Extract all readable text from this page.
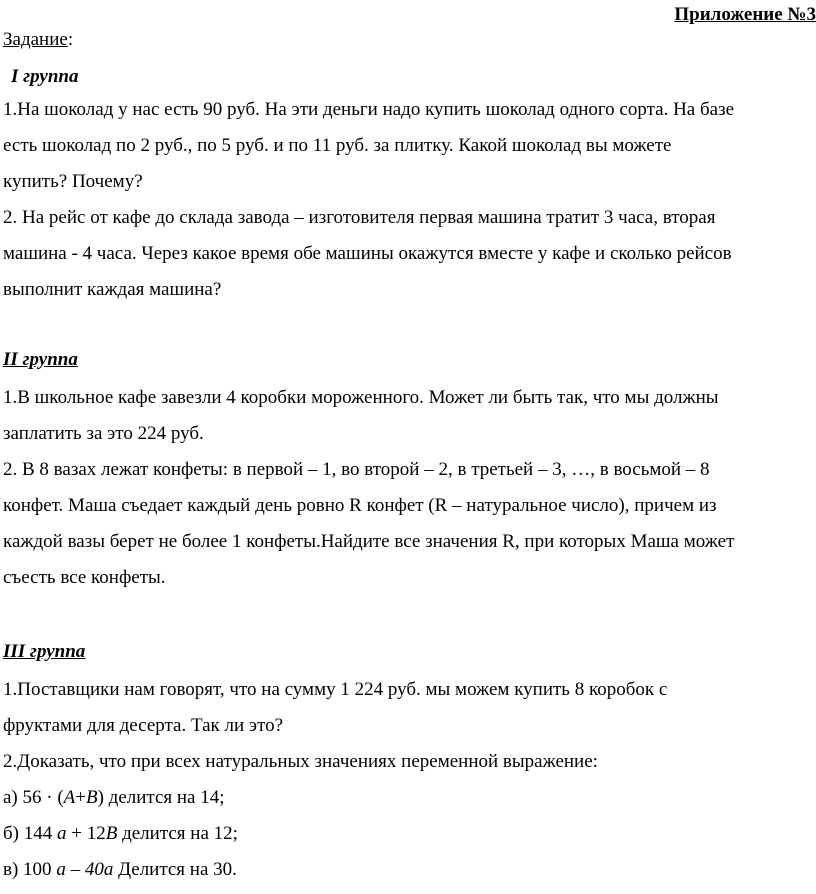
Приложение №3
Задание:
I группа
1.На шоколад у нас есть 90 руб. На эти деньги надо купить шоколад одного сорта. На базе
есть шоколад по 2 руб., по 5 руб. и по 11 руб. за плитку. Какой шоколад вы можете
купить? Почему?
2. На рейс от кафе до склада завода – изготовителя первая машина тратит 3 часа, вторая
машина - 4 часа. Через какое время обе машины окажутся вместе у кафе и сколько рейсов
выполнит каждая машина?
II группа
1.В школьное кафе завезли 4 коробки мороженного. Может ли быть так, что мы должны
заплатить за это 224 руб.
2. В 8 вазах лежат конфеты: в первой – 1, во второй – 2, в третьей – 3, …, в восьмой – 8
конфет. Маша съедает каждый день ровно R конфет (R – натуральное число), причем из
каждой вазы берет не более 1 конфеты.Найдите все значения R, при которых Маша может
съесть все конфеты.
III группа
1.Поставщики нам говорят, что на сумму 1 224 руб. мы можем купить 8 коробок с
фруктами для десерта. Так ли это?
2.Доказать, что при всех натуральных значениях переменной выражение:
а) 56 · (A+B) делится на 14;
б) 144 a + 12B делится на 12;
в) 100 a – 40a Делится на 30.
